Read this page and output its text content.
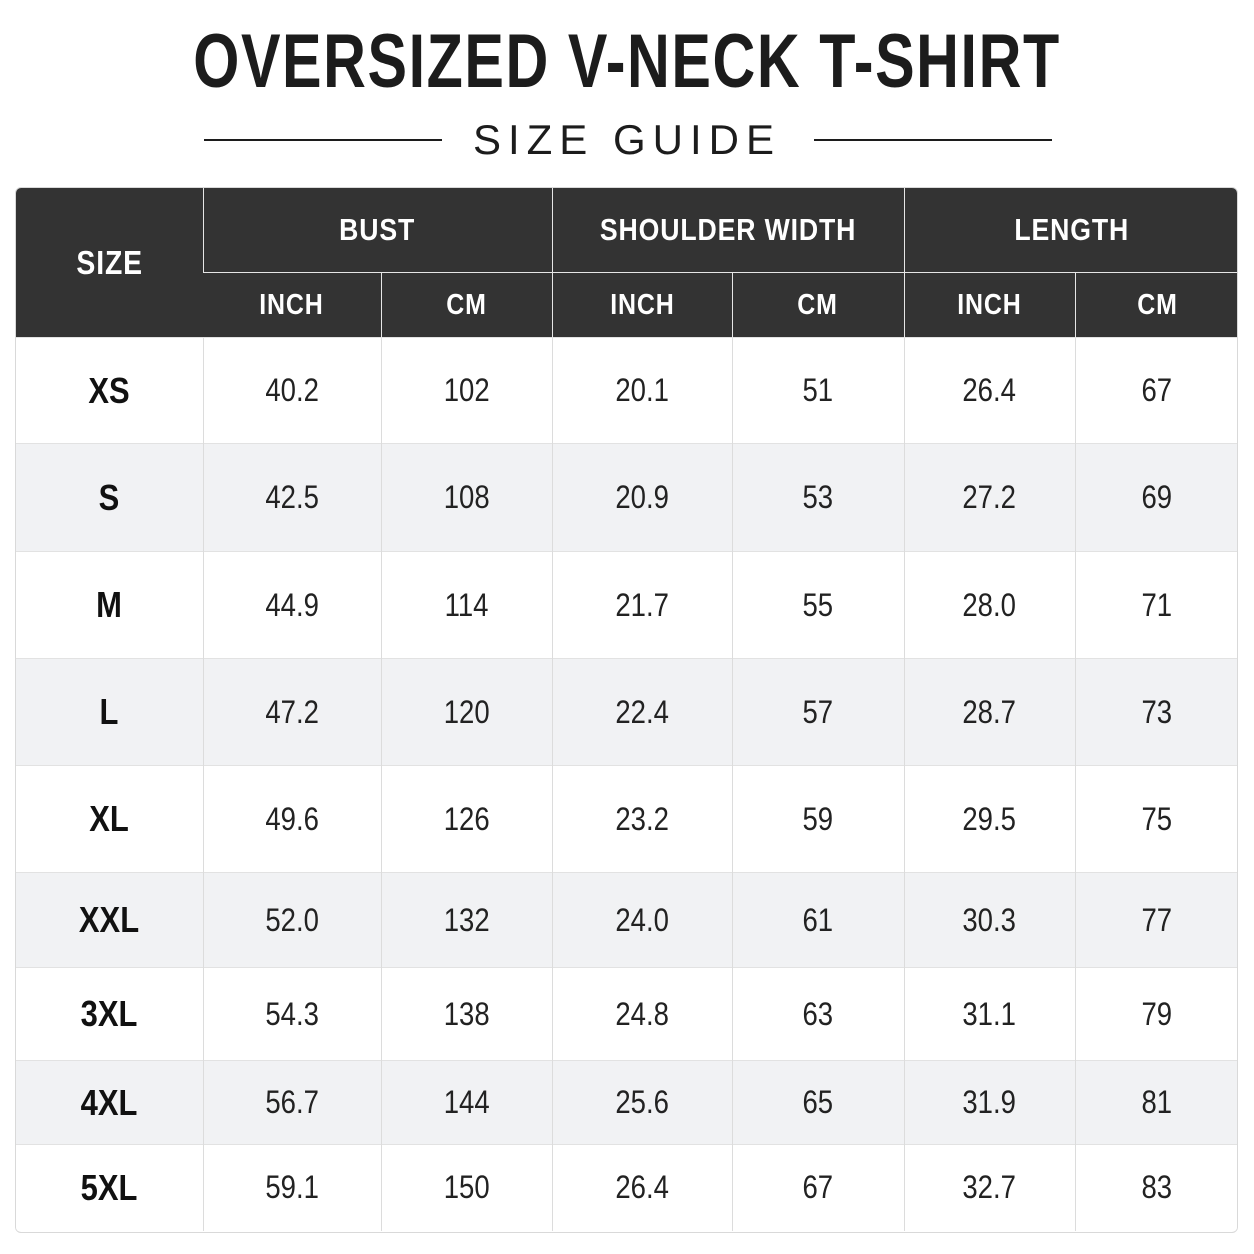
OVERSIZED V-NECK T-SHIRT
SIZE GUIDE
SIZE	BUST		SHOULDER WIDTH		LENGTH	
	INCH	CM	INCH	CM	INCH	CM
XS	40.2	102	20.1	51	26.4	67
S	42.5	108	20.9	53	27.2	69
M	44.9	114	21.7	55	28.0	71
L	47.2	120	22.4	57	28.7	73
XL	49.6	126	23.2	59	29.5	75
XXL	52.0	132	24.0	61	30.3	77
3XL	54.3	138	24.8	63	31.1	79
4XL	56.7	144	25.6	65	31.9	81
5XL	59.1	150	26.4	67	32.7	83
